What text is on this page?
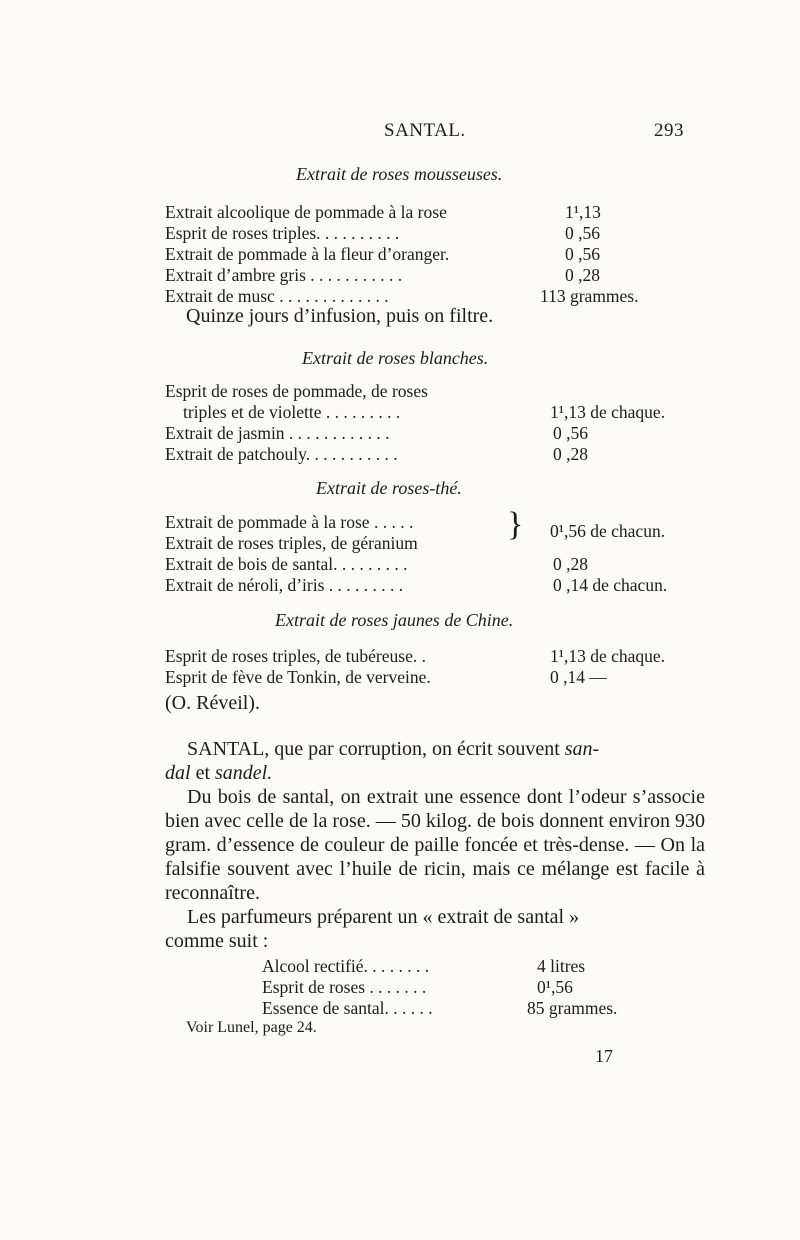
SANTAL.	293
Extrait de roses mousseuses.
Extrait alcoolique de pommade à la rose	1¹,13
Esprit de roses triples. . . . . . . . . .	0 ,56
Extrait de pommade à la fleur d’oranger.	0 ,56
Extrait d’ambre gris . . . . . . . . . . .	0 ,28
Extrait de musc . . . . . . . . . . . . .	113 grammes.
Quinze jours d’infusion, puis on filtre.
Extrait de roses blanches.
Esprit de roses de pommade, de roses
triples et de violette . . . . . . . . .	1¹,13 de chaque.
Extrait de jasmin . . . . . . . . . . . .	0 ,56
Extrait de patchouly. . . . . . . . . . .	0 ,28
Extrait de roses-thé.
Extrait de pommade à la rose . . . . .
Extrait de roses triples, de géranium	} 0¹,56 de chacun.
Extrait de bois de santal. . . . . . . . .	0 ,28
Extrait de néroli, d’iris . . . . . . . . .	0 ,14 de chacun.
Extrait de roses jaunes de Chine.
Esprit de roses triples, de tubéreuse. .	1¹,13 de chaque.
Esprit de fève de Tonkin, de verveine.	0 ,14 —
(O. Réveil).

SANTAL, que par corruption, on écrit souvent san-
dal et sandel.

Du bois de santal, on extrait une essence dont l’odeur s’associe bien avec celle de la rose. — 50 kilog. de bois donnent environ 930 gram. d’essence de couleur de paille foncée et très-dense. — On la falsifie souvent avec l’huile de ricin, mais ce mélange est facile à reconnaître.

Les parfumeurs préparent un « extrait de santal »
comme suit :

Alcool rectifié. . . . . . . .	4 litres
Esprit de roses . . . . . . .	0¹,56
Essence de santal. . . . . .	85 grammes.
Voir Lunel, page 24.
17
